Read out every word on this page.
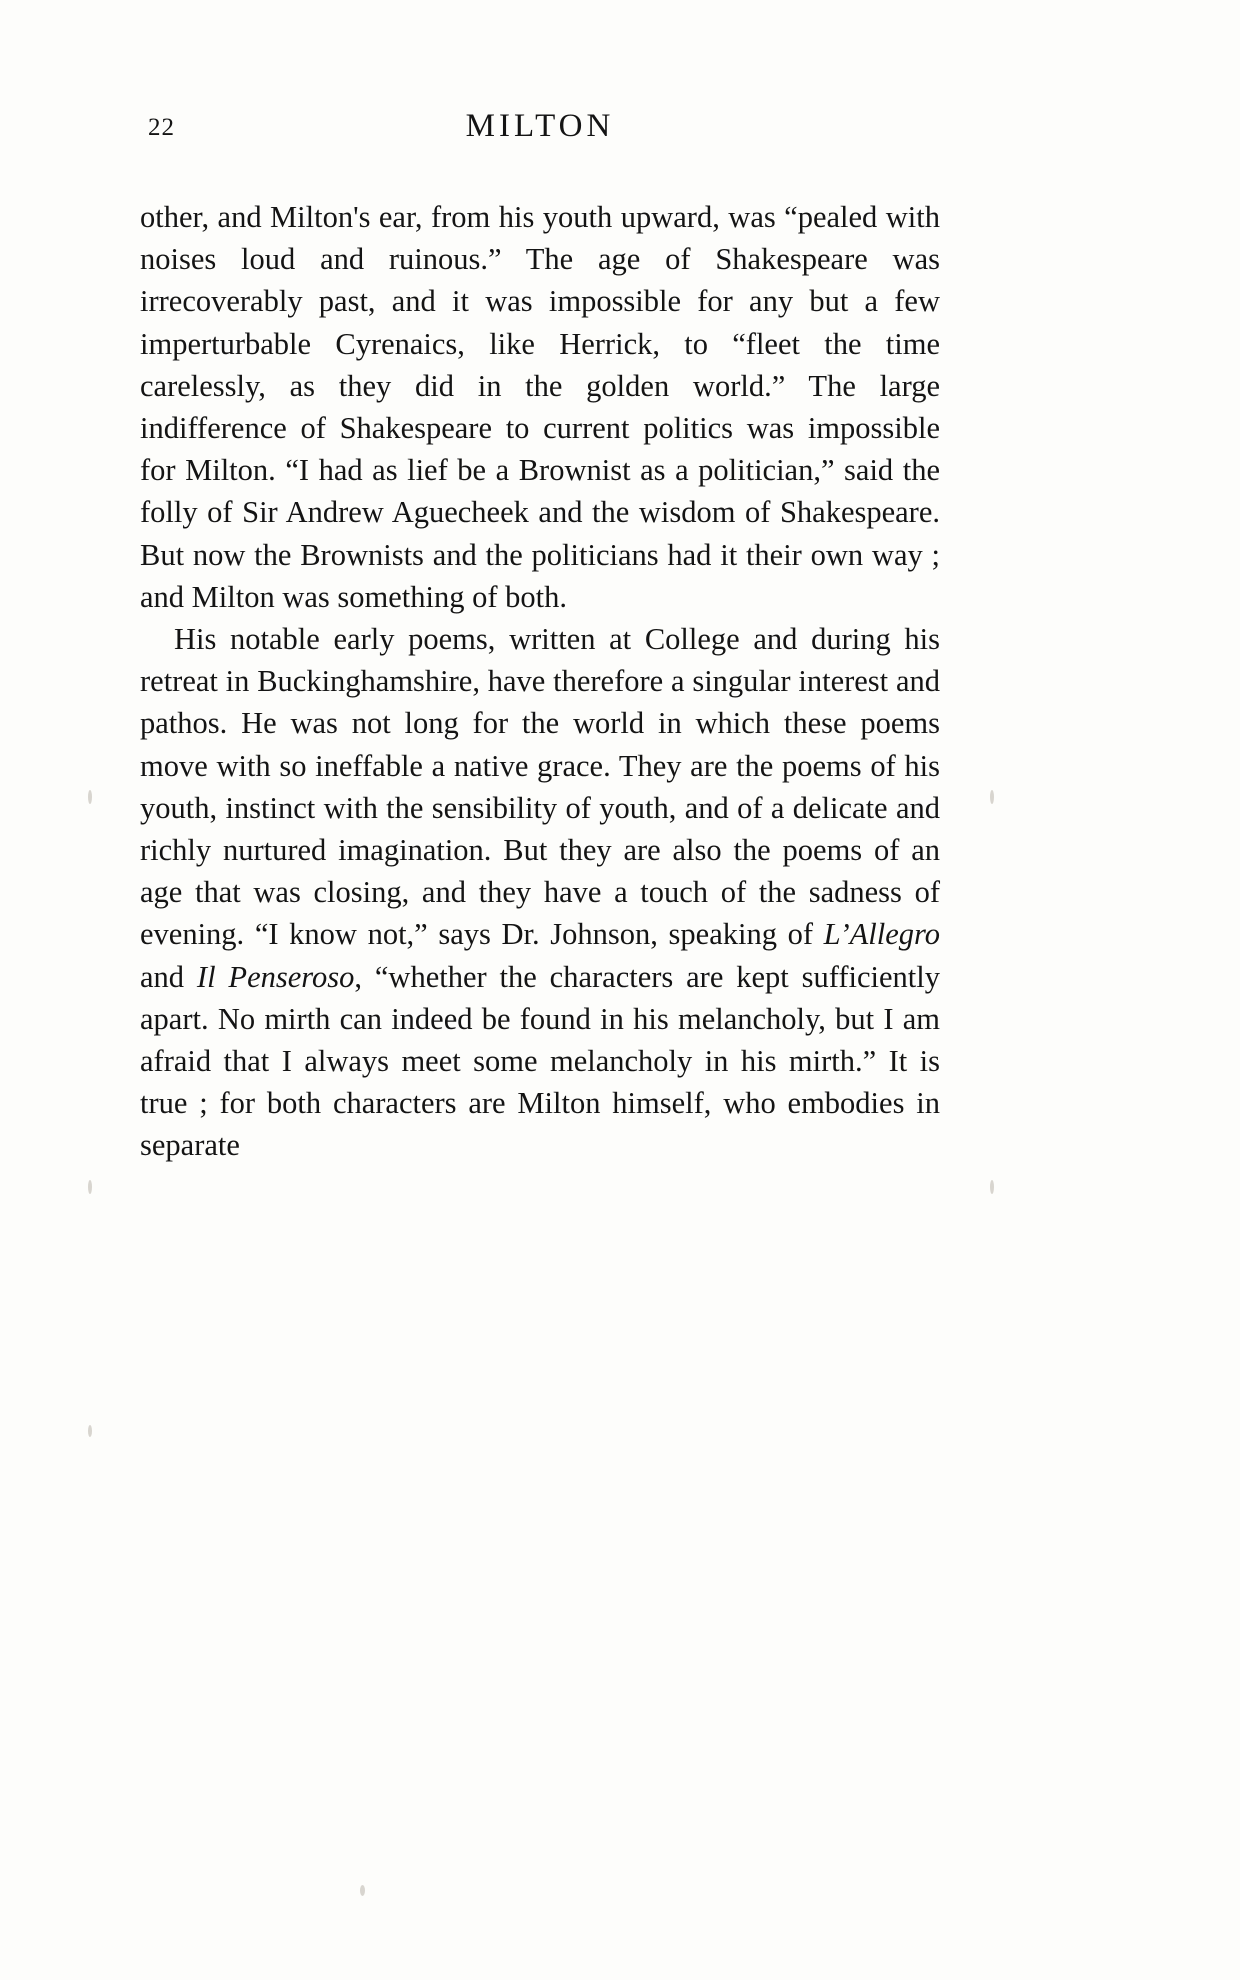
22	MILTON

other, and Milton's ear, from his youth upward, was “pealed with noises loud and ruinous.” The age of Shakespeare was irrecoverably past, and it was impossible for any but a few imperturbable Cyrenaics, like Herrick, to “fleet the time carelessly, as they did in the golden world.” The large indifference of Shakespeare to current politics was impossible for Milton. “I had as lief be a Brownist as a politician,” said the folly of Sir Andrew Aguecheek and the wisdom of Shakespeare. But now the Brownists and the politicians had it their own way ; and Milton was something of both.

His notable early poems, written at College and during his retreat in Buckinghamshire, have therefore a singular interest and pathos. He was not long for the world in which these poems move with so ineffable a native grace. They are the poems of his youth, instinct with the sensibility of youth, and of a delicate and richly nurtured imagination. But they are also the poems of an age that was closing, and they have a touch of the sadness of evening. “I know not,” says Dr. Johnson, speaking of L’Allegro and Il Penseroso, “whether the characters are kept sufficiently apart. No mirth can indeed be found in his melancholy, but I am afraid that I always meet some melancholy in his mirth.” It is true ; for both characters are Milton himself, who embodies in separate
